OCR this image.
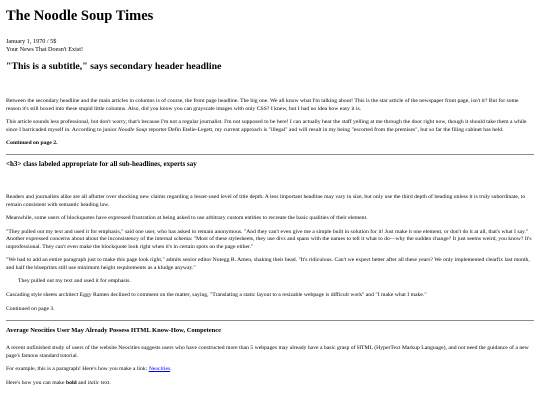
The Noodle Soup Times
January 1, 1970 / 5$
Your News That Doesn't Exist!
"This is a subtitle," says secondary header headline

Between the secondary headline and the main articles in columns is of course, the front page headline. The big one. We all know what I'm talking about! This is the star article of the newspaper front page, isn't it? But for some reason it's still boxed into these stupid little columns. Also, did you know you can grayscale images with only CSS? I knew, but I had no idea how easy it is.

This article sounds less professional, but don't worry, that's because I'm not a regular journalist. I'm not supposed to be here! I can actually hear the staff yelling at me through the door right now, though it should take them a while since I barricaded myself in. According to junior Noodle Soup reporter Defin Etelie-Legett, my current approach is "illegal" and will result in my being "escorted from the premises", but so far the filing cabinet has held.

Continued on page 2.

<h3> class labeled appropriate for all sub-headlines, experts say

Readers and journalists alike are all aflutter over shocking new claims regarding a lesser-used level of title depth. A less important headline may vary in size, but only use the third depth of heading unless it is truly subordinate, to remain consistent with semantic heading law.

Meanwhile, some users of blockquotes have expressed frustration at being asked to use arbitrary custom entities to recreate the basic qualities of their element.

"They pulled out my text and used it for emphasis," said one user, who has asked to remain anonymous. "And they can't even give me a simple built in solution for it! Just make it one element, or don't do it at all, that's what I say." Another expressed concerns about about the inconsistency of the internal schema: "Most of these stylesheets, they use divs and spans with the names to tell it what to do—why the sudden change? It just seems weird, you know? It's unprofessional. They can't even make the blockquote look right when it's in certain spots on the page either."

"We had to add an entire paragraph just to make this page look right," admits senior editor Notegg R. Amen, shaking their head. "It's ridiculous. Can't we expect better after all these years? We only implemented clearfix last month, and half the blueprints still use minimum height requirements as a kludge anyway."

They pulled out my text and used it for emphasis.

Cascading style sheets architect Eggy Ramen declined to comment on the matter, saying, "Translating a static layout to a resizable webpage is difficult work" and "I make what I make."

Continued on page 3.

Average Neocities User May Already Possess HTML Know-How, Competence

A recent unfinished study of users of the website Neocities suggests users who have constructed more than 5 webpages may already have a basic grasp of HTML (HyperText Markup Language), and not need the guidance of a new page's famous standard tutorial.

For example, this is a paragraph! Here's how you make a link: Neocities.

Here's how you can make bold and italic text.
